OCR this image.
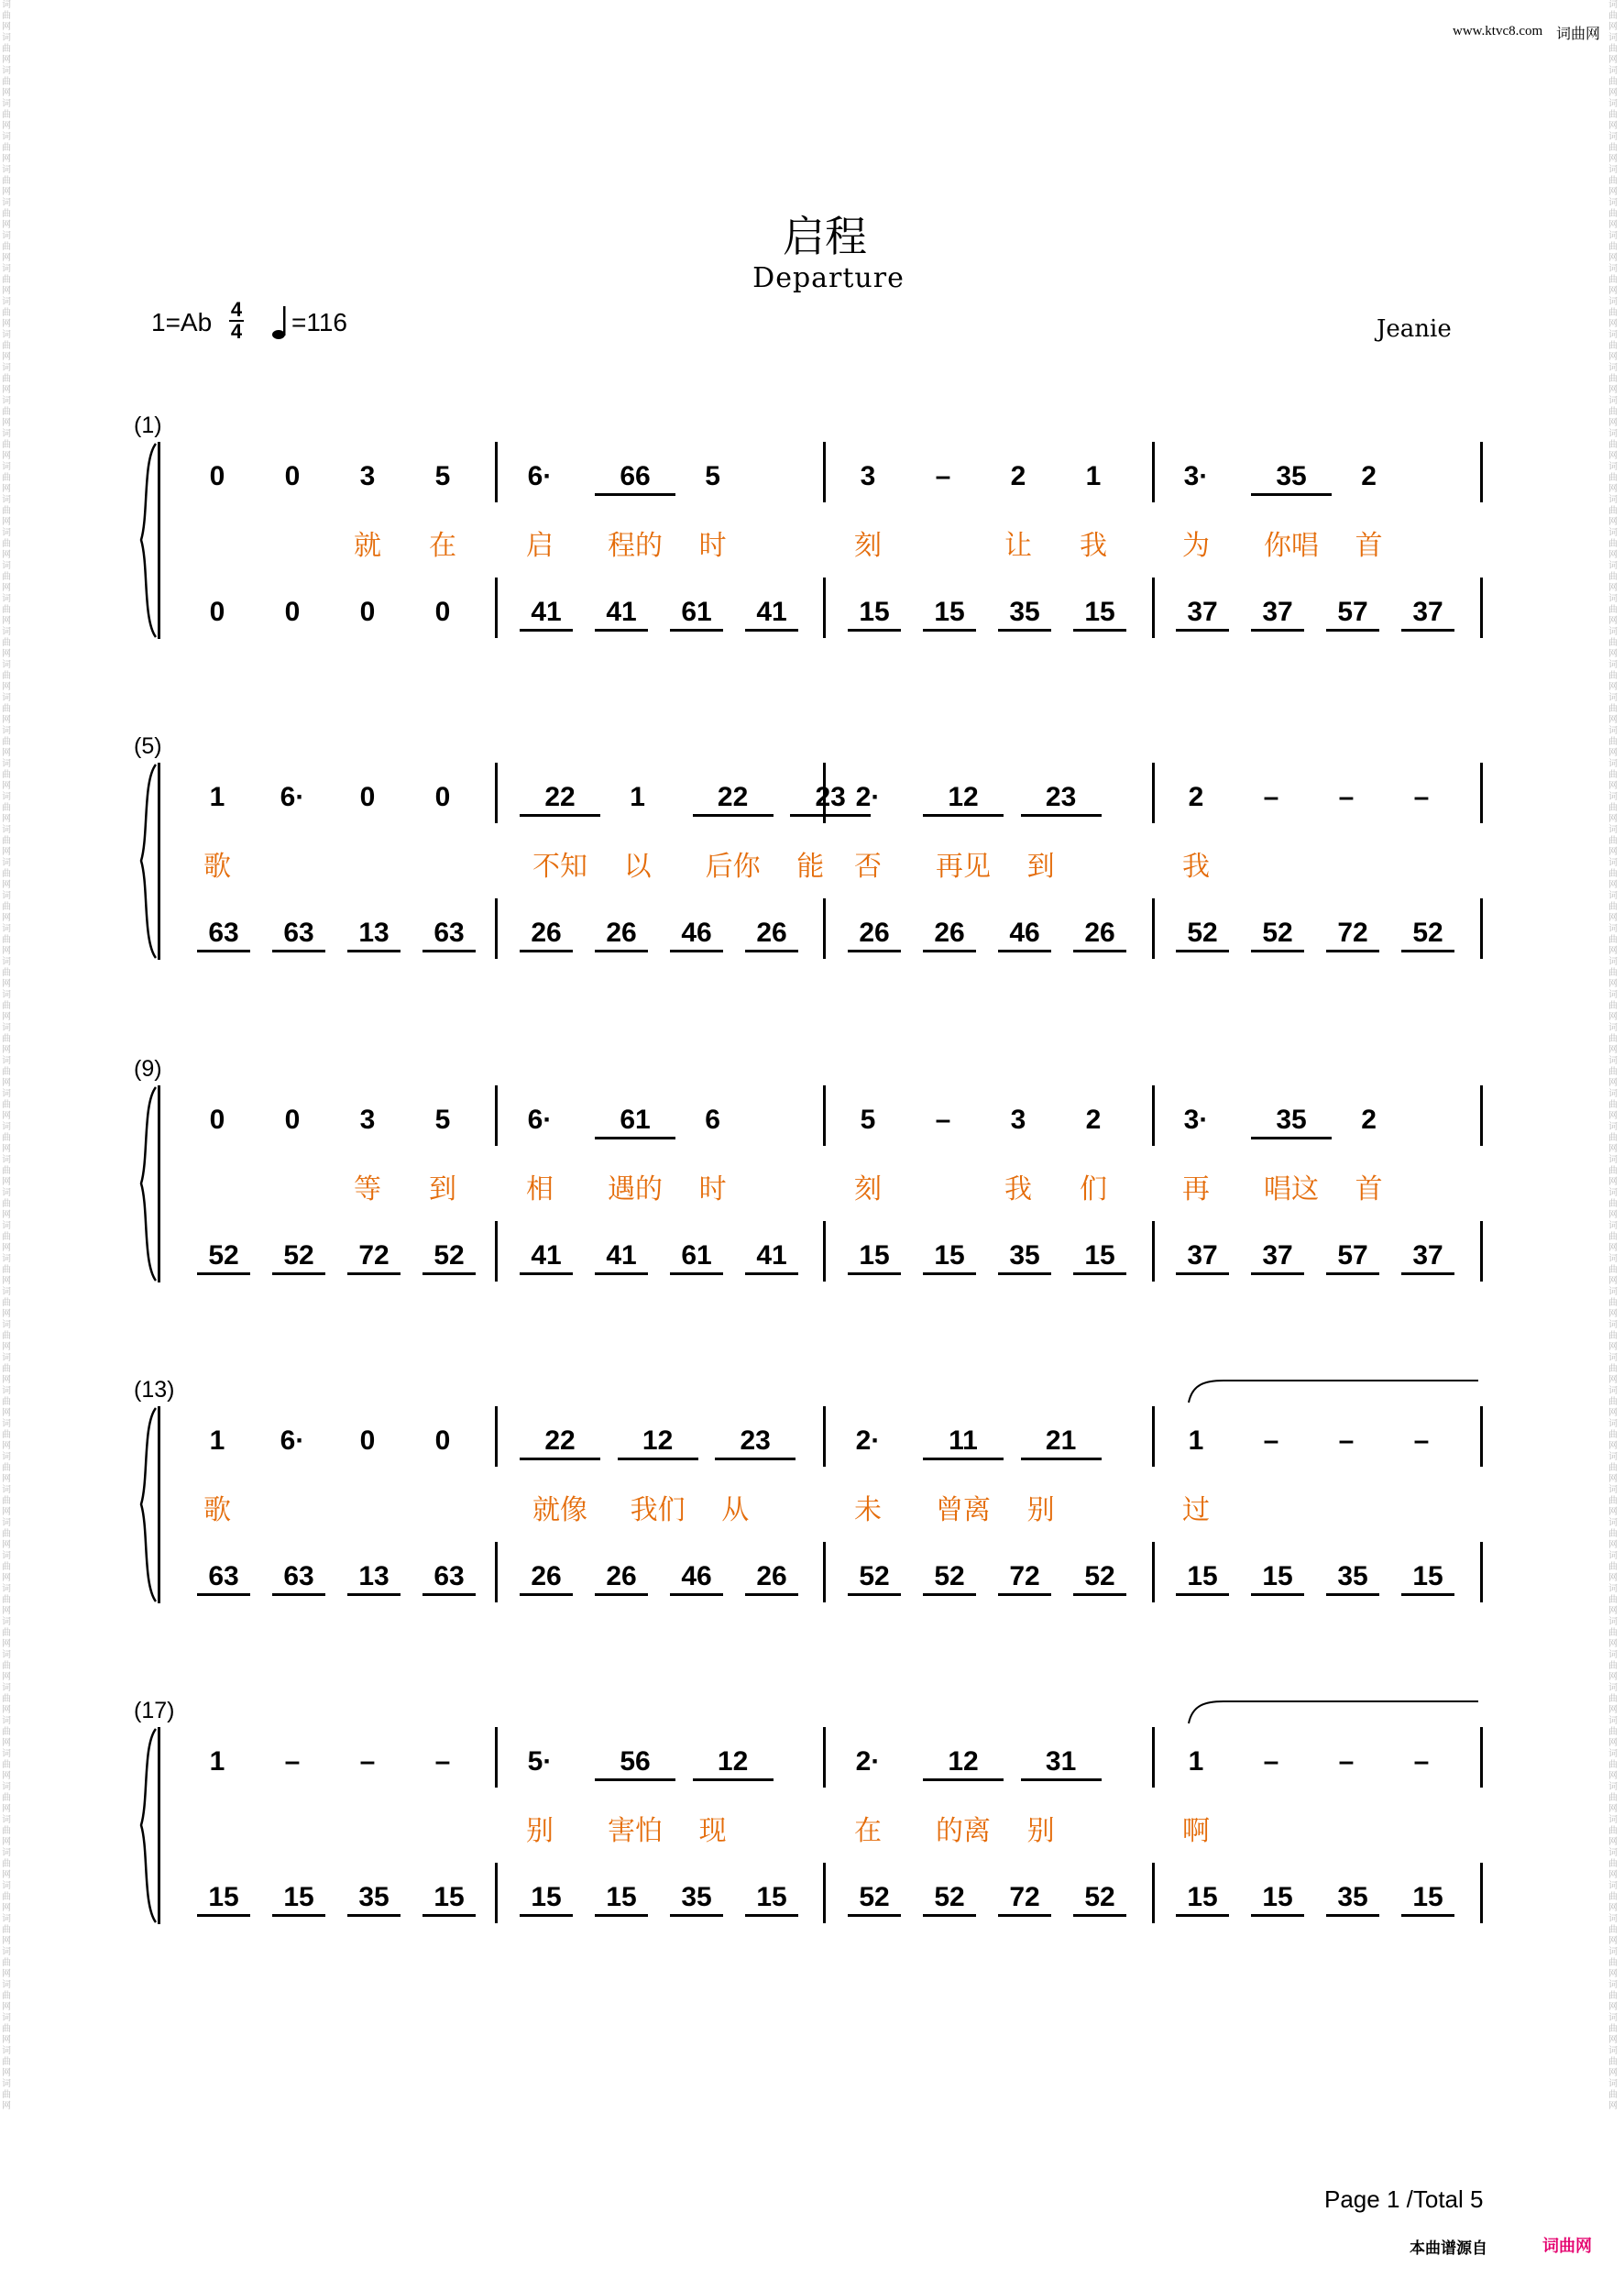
www.ktvc8.com 词曲网
词曲网词曲网词曲网词曲网词曲网词曲网词曲网词曲网词曲网词曲网词曲网词曲网词曲网词曲网词曲网词曲网词曲网词曲网词曲网词曲网词曲网词曲网词曲网词曲网词曲网词曲网词曲网词曲网词曲网词曲网词曲网词曲网词曲网词曲网词曲网词曲网词曲网词曲网词曲网词曲网词曲网词曲网词曲网词曲网词曲网词曲网词曲网词曲网词曲网词曲网词曲网词曲网词曲网词曲网词曲网词曲网词曲网词曲网词曲网词曲网词曲网词曲网词曲网词曲网
词曲网词曲网词曲网词曲网词曲网词曲网词曲网词曲网词曲网词曲网词曲网词曲网词曲网词曲网词曲网词曲网词曲网词曲网词曲网词曲网词曲网词曲网词曲网词曲网词曲网词曲网词曲网词曲网词曲网词曲网词曲网词曲网词曲网词曲网词曲网词曲网词曲网词曲网词曲网词曲网词曲网词曲网词曲网词曲网词曲网词曲网词曲网词曲网词曲网词曲网词曲网词曲网词曲网词曲网词曲网词曲网词曲网词曲网词曲网词曲网词曲网词曲网词曲网词曲网
启程
Departure
1=Ab 4
4 =116	Jeanie
(1)
0	0	3	5	6·	66	5	3	–	2	1	3·	35	2
就 在	启	程的	时	刻	让 我	为	你唱	首
0	0	0	0	41	41	61	41	15	15	35	15	37	37	57	37
(5)
1	6·	0	0	22	1	22	23 2·	12	23	2	–	–	–
歌	不知	以	后你	能 否	再见	到	我
63	63	13	63	26	26	46	26	26	26	46	26	52	52	72	52
(9)
0	0	3	5	6·	61	6	5	–	3	2	3·	35	2
等 到	相	遇的	时	刻	我 们	再	唱这	首
52	52	72	52	41	41	61	41	15	15	35	15	37	37	57	37
(13)
1	6·	0	0	22	12	23	2·	11	21	1	–	–	–
歌	就像	我们	从	未	曾离	别	过
63	63	13	63	26	26	46	26	52	52	72	52	15	15	35	15
(17)
1	–	–	–	5·	56	12	2·	12	31	1	–	–	–
别	害怕	现	在	的离	别	啊
15	15	35	15	15	15	35	15	52	52	72	52	15	15	35	15
Page 1 /Total 5
本曲谱源自	词曲网
